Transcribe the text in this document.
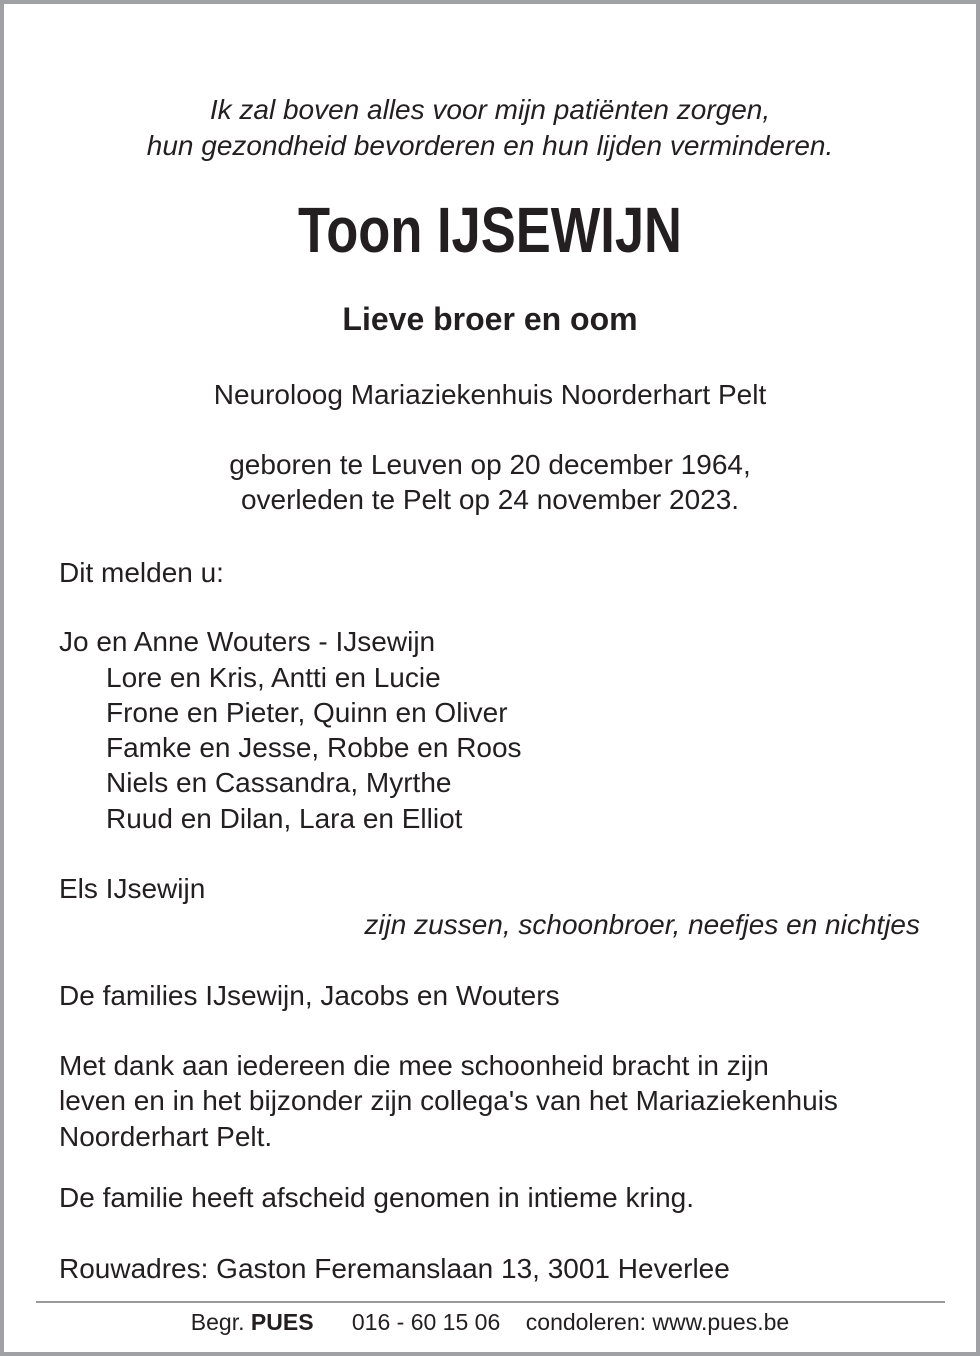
Ik zal boven alles voor mijn patiënten zorgen,
hun gezondheid bevorderen en hun lijden verminderen.
Toon IJSEWIJN
Lieve broer en oom
Neuroloog Mariaziekenhuis Noorderhart Pelt
geboren te Leuven op 20 december 1964,
overleden te Pelt op 24 november 2023.
Dit melden u:
Jo en Anne Wouters - IJsewijn
Lore en Kris, Antti en Lucie
Frone en Pieter, Quinn en Oliver
Famke en Jesse, Robbe en Roos
Niels en Cassandra, Myrthe
Ruud en Dilan, Lara en Elliot
Els IJsewijn
zijn zussen, schoonbroer, neefjes en nichtjes
De families IJsewijn, Jacobs en Wouters
Met dank aan iedereen die mee schoonheid bracht in zijn
leven en in het bijzonder zijn collega's van het Mariaziekenhuis
Noorderhart Pelt.
De familie heeft afscheid genomen in intieme kring.
Rouwadres: Gaston Feremanslaan 13, 3001 Heverlee
Begr. PUES 016 - 60 15 06 condoleren: www.pues.be
